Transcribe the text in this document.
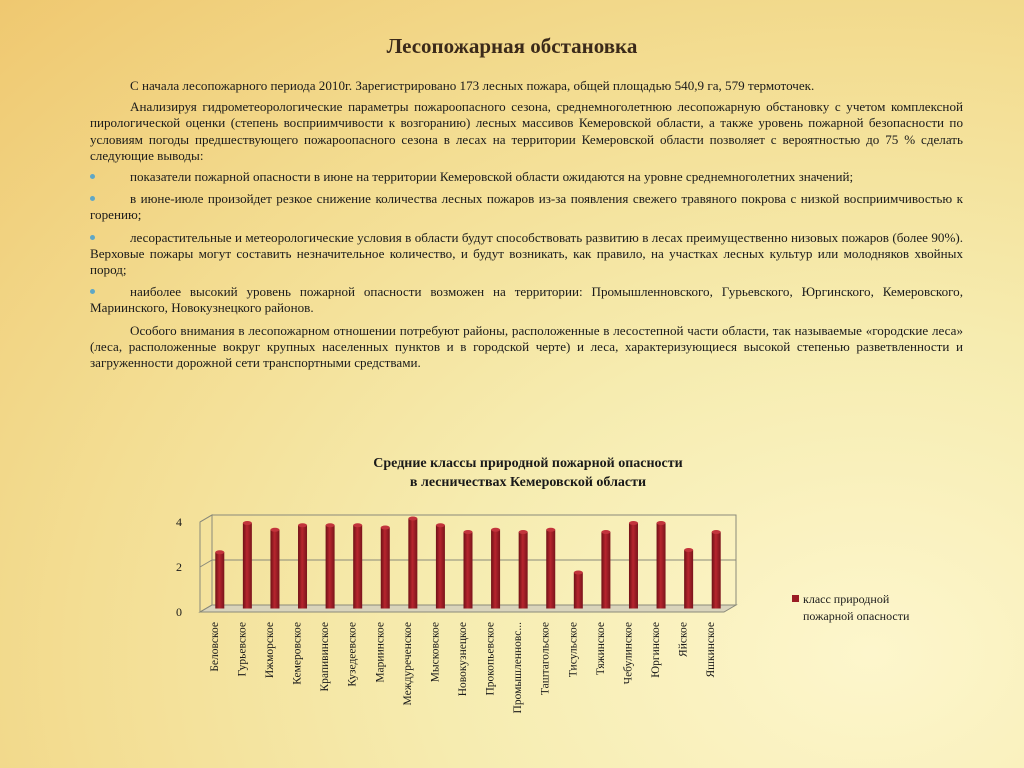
Лесопожарная обстановка

С начала лесопожарного периода 2010г. Зарегистрировано 173 лесных пожара, общей площадью 540,9 га, 579 термоточек.

Анализируя гидрометеорологические параметры пожароопасного сезона, среднемноголетнюю лесопожарную обстановку с учетом комплексной пирологической оценки (степень восприимчивости к возгоранию) лесных массивов Кемеровской области, а также уровень пожарной безопасности по условиям погоды предшествующего пожароопасного сезона в лесах на территории Кемеровской области позволяет с вероятностью до 75 % сделать следующие выводы:

показатели пожарной опасности в июне на территории Кемеровской области ожидаются на уровне среднемноголетних значений;
в июне-июле произойдет резкое снижение количества лесных пожаров из-за появления свежего травяного покрова с низкой восприимчивостью к горению;
лесорастительные и метеорологические условия в области будут способствовать развитию в лесах преимущественно низовых пожаров (более 90%). Верховые пожары могут составить незначительное количество, и будут возникать, как правило, на участках лесных культур или молодняков хвойных пород;
наиболее высокий уровень пожарной опасности возможен на территории: Промышленновского, Гурьевского, Юргинского, Кемеровского, Мариинского, Новокузнецкого районов.

Особого внимания в лесопожарном отношении потребуют районы, расположенные в лесостепной части области, так называемые «городские леса» (леса, расположенные вокруг крупных населенных пунктов и в городской черте) и леса, характеризующиеся высокой степенью разветвленности и загруженности дорожной сети транспортными средствами.

Средние классы природной пожарной опасности
в лесничествах Кемеровской области
0
2
4
Беловское Гурьевское Ижморское Кемеровское Крапивинское Кузедеевское Мариинское Междуреченское Мысковское Новокузнецкое Прокопьевское Промышленновс... Таштагольское Тисульское Тяжинское Чебулинское Юргинское Яйское Яшкинское
класс природной
пожарной опасности
